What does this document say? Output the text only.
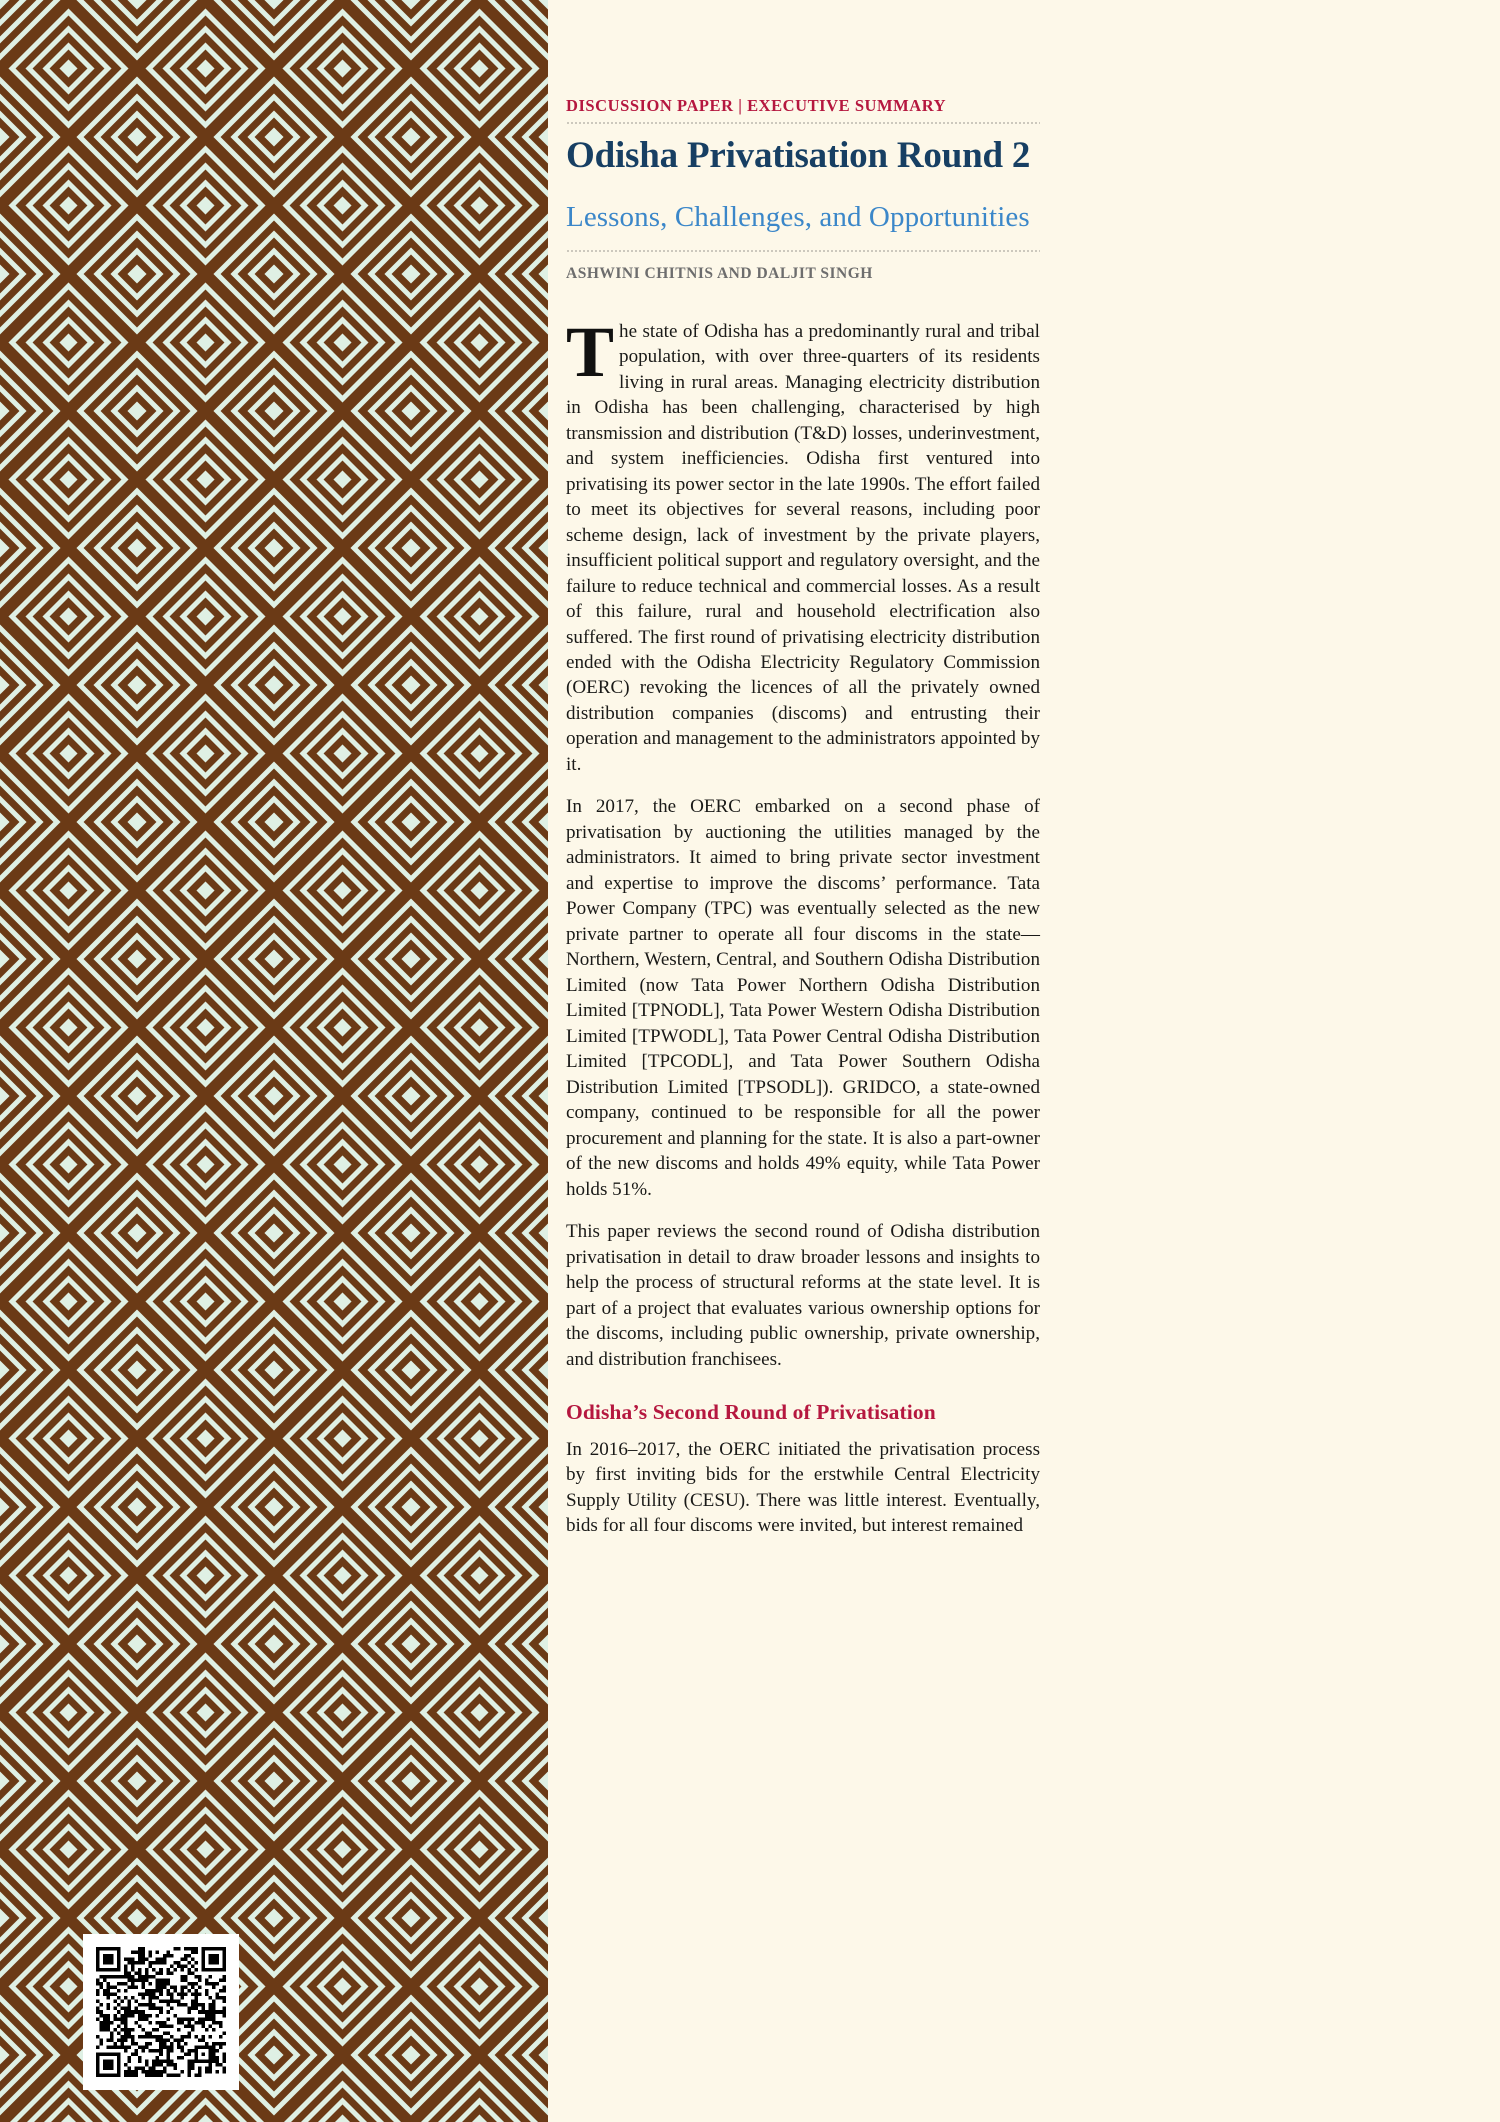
DISCUSSION PAPER | EXECUTIVE SUMMARY
Odisha Privatisation Round 2
Lessons, Challenges, and Opportunities
ASHWINI CHITNIS AND DALJIT SINGH

The state of Odisha has a predominantly rural and tribal population, with over three-quarters of its residents living in rural areas. Managing electricity distribution in Odisha has been challenging, characterised by high transmission and distribution (T&D) losses, underinvestment, and system inefficiencies. Odisha first ventured into privatising its power sector in the late 1990s. The effort failed to meet its objectives for several reasons, including poor scheme design, lack of investment by the private players, insufficient political support and regulatory oversight, and the failure to reduce technical and commercial losses. As a result of this failure, rural and household electrification also suffered. The first round of privatising electricity distribution ended with the Odisha Electricity Regulatory Commission (OERC) revoking the licences of all the privately owned distribution companies (discoms) and entrusting their operation and management to the administrators appointed by it.

In 2017, the OERC embarked on a second phase of privatisation by auctioning the utilities managed by the administrators. It aimed to bring private sector investment and expertise to improve the discoms’ performance. Tata Power Company (TPC) was eventually selected as the new private partner to operate all four discoms in the state—Northern, Western, Central, and Southern Odisha Distribution Limited (now Tata Power Northern Odisha Distribution Limited [TPNODL], Tata Power Western Odisha Distribution Limited [TPWODL], Tata Power Central Odisha Distribution Limited [TPCODL], and Tata Power Southern Odisha Distribution Limited [TPSODL]). GRIDCO, a state-owned company, continued to be responsible for all the power procurement and planning for the state. It is also a part-owner of the new discoms and holds 49% equity, while Tata Power holds 51%.

This paper reviews the second round of Odisha distribution privatisation in detail to draw broader lessons and insights to help the process of structural reforms at the state level. It is part of a project that evaluates various ownership options for the discoms, including public ownership, private ownership, and distribution franchisees.

Odisha’s Second Round of Privatisation

In 2016–2017, the OERC initiated the privatisation process by first inviting bids for the erstwhile Central Electricity Supply Utility (CESU). There was little interest. Eventually, bids for all four discoms were invited, but interest remained
